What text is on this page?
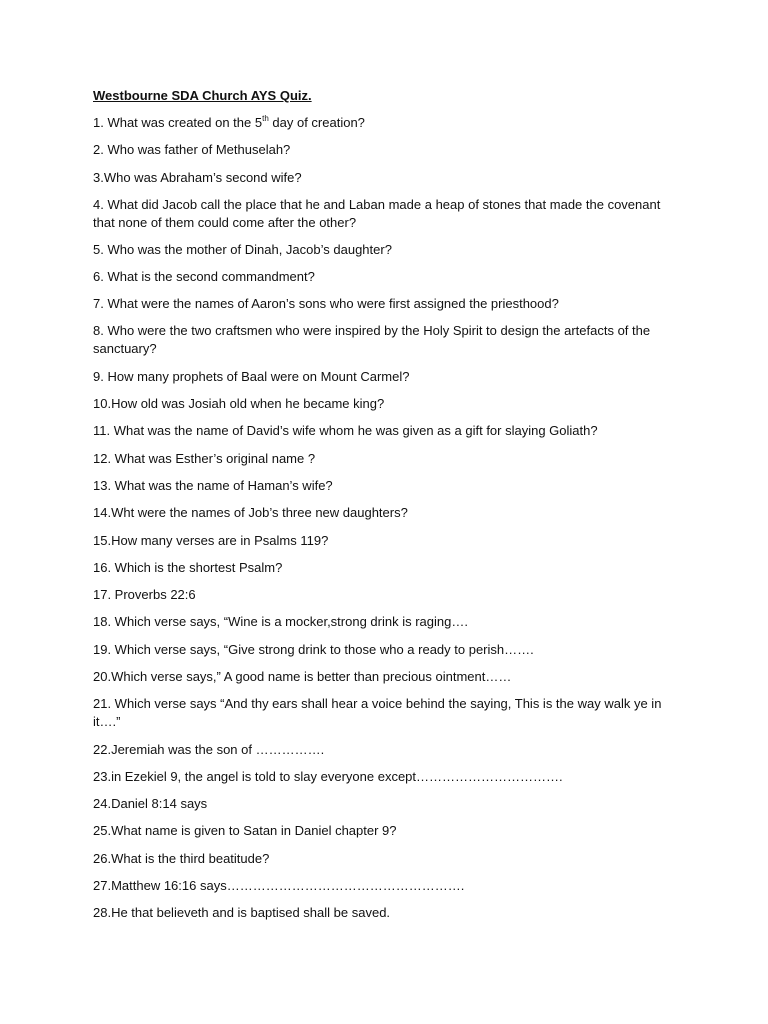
Westbourne SDA Church AYS Quiz.

1. What was created on the 5th day of creation?

2. Who was father of Methuselah?

3.Who was Abraham’s second wife?

4. What did Jacob call the place that he and Laban made a heap of stones that made the covenant that none of them could come after the other?

5. Who was the mother of Dinah, Jacob’s daughter?

6. What is the second commandment?

7. What were the names of Aaron’s sons who were first assigned the priesthood?

8. Who were the two craftsmen who were inspired by the Holy Spirit to design the artefacts of the sanctuary?

9. How many prophets of Baal were on Mount Carmel?

10.How old was Josiah old when he became king?

11. What was the name of David’s wife whom he was given as a gift for slaying Goliath?

12. What was Esther’s original name ?

13. What was the name of Haman’s wife?

14.Wht were the names of Job’s three new daughters?

15.How many verses are in Psalms 119?

16. Which is the shortest Psalm?

17. Proverbs 22:6

18. Which verse says, “Wine is a mocker,strong drink is raging….

19. Which verse says, “Give strong drink to those who a ready to perish…….

20.Which verse says,” A good name is better than precious ointment……

21. Which verse says “And thy ears shall hear a voice behind the saying, This is the way walk ye in it….”

22.Jeremiah was the son of …………….

23.in Ezekiel 9, the angel is told to slay everyone except…………………………….

24.Daniel 8:14 says

25.What name is given to Satan in Daniel chapter 9?

26.What is the third beatitude?

27.Matthew 16:16 says……………………………………………….

28.He that believeth and is baptised shall be saved.
